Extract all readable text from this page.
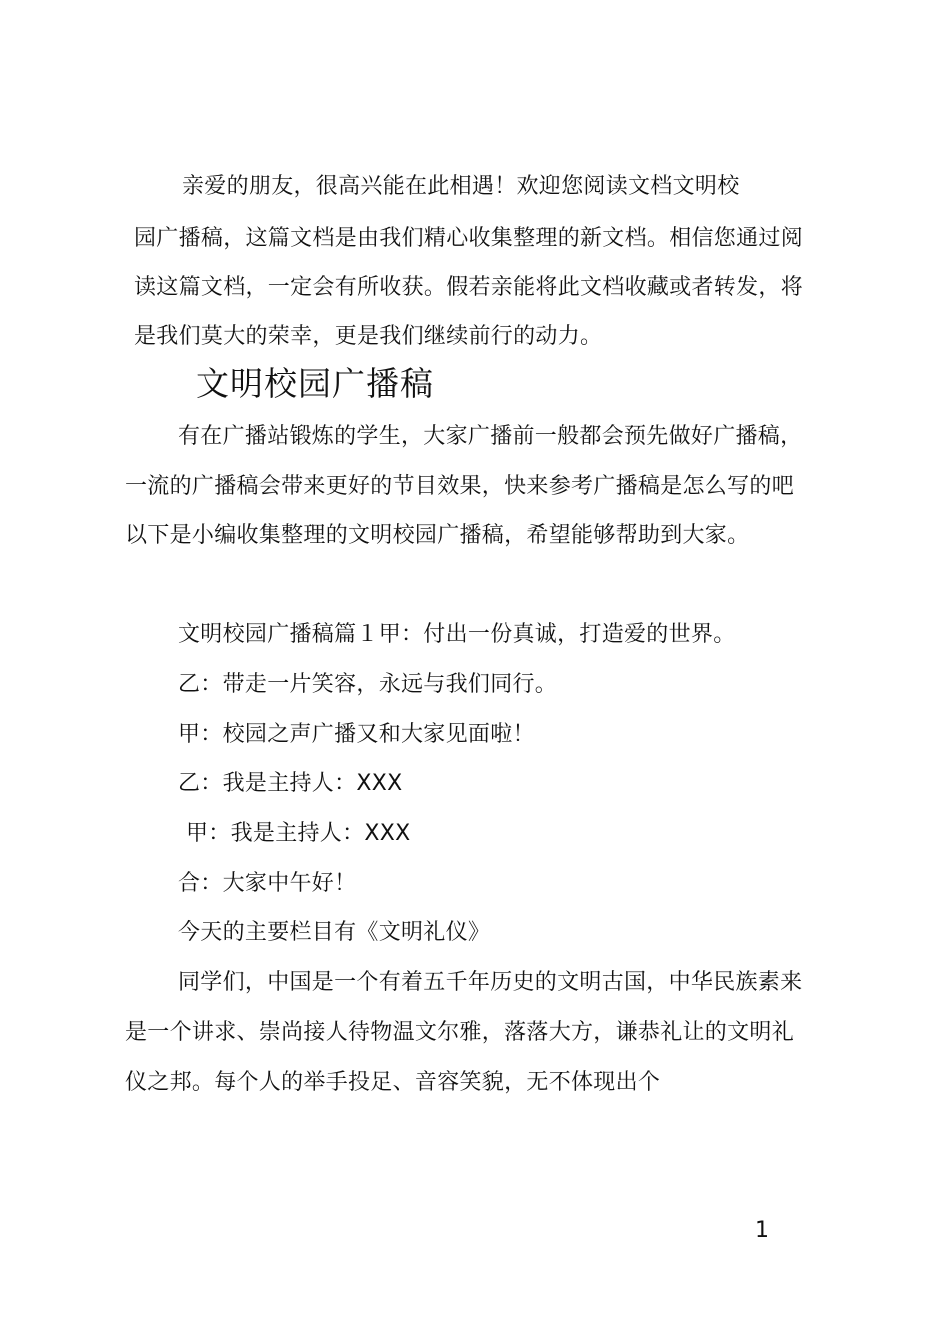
亲爱的朋友，很高兴能在此相遇！欢迎您阅读文档文明校
园广播稿，这篇文档是由我们精心收集整理的新文档。相信您通过阅
读这篇文档，一定会有所收获。假若亲能将此文档收藏或者转发，将
是我们莫大的荣幸，更是我们继续前行的动力。
文明校园广播稿
有在广播站锻炼的学生，大家广播前一般都会预先做好广播稿，
一流的广播稿会带来更好的节目效果，快来参考广播稿是怎么写的吧
以下是小编收集整理的文明校园广播稿，希望能够帮助到大家。
文明校园广播稿篇１甲：付出一份真诚，打造爱的世界。
乙：带走一片笑容，永远与我们同行。
甲：校园之声广播又和大家见面啦！
乙：我是主持人：XXX
甲：我是主持人：XXX
合：大家中午好！
今天的主要栏目有《文明礼仪》
同学们，中国是一个有着五千年历史的文明古国，中华民族素来
是一个讲求、崇尚接人待物温文尔雅，落落大方，谦恭礼让的文明礼
仪之邦。每个人的举手投足、音容笑貌，无不体现出个
1
